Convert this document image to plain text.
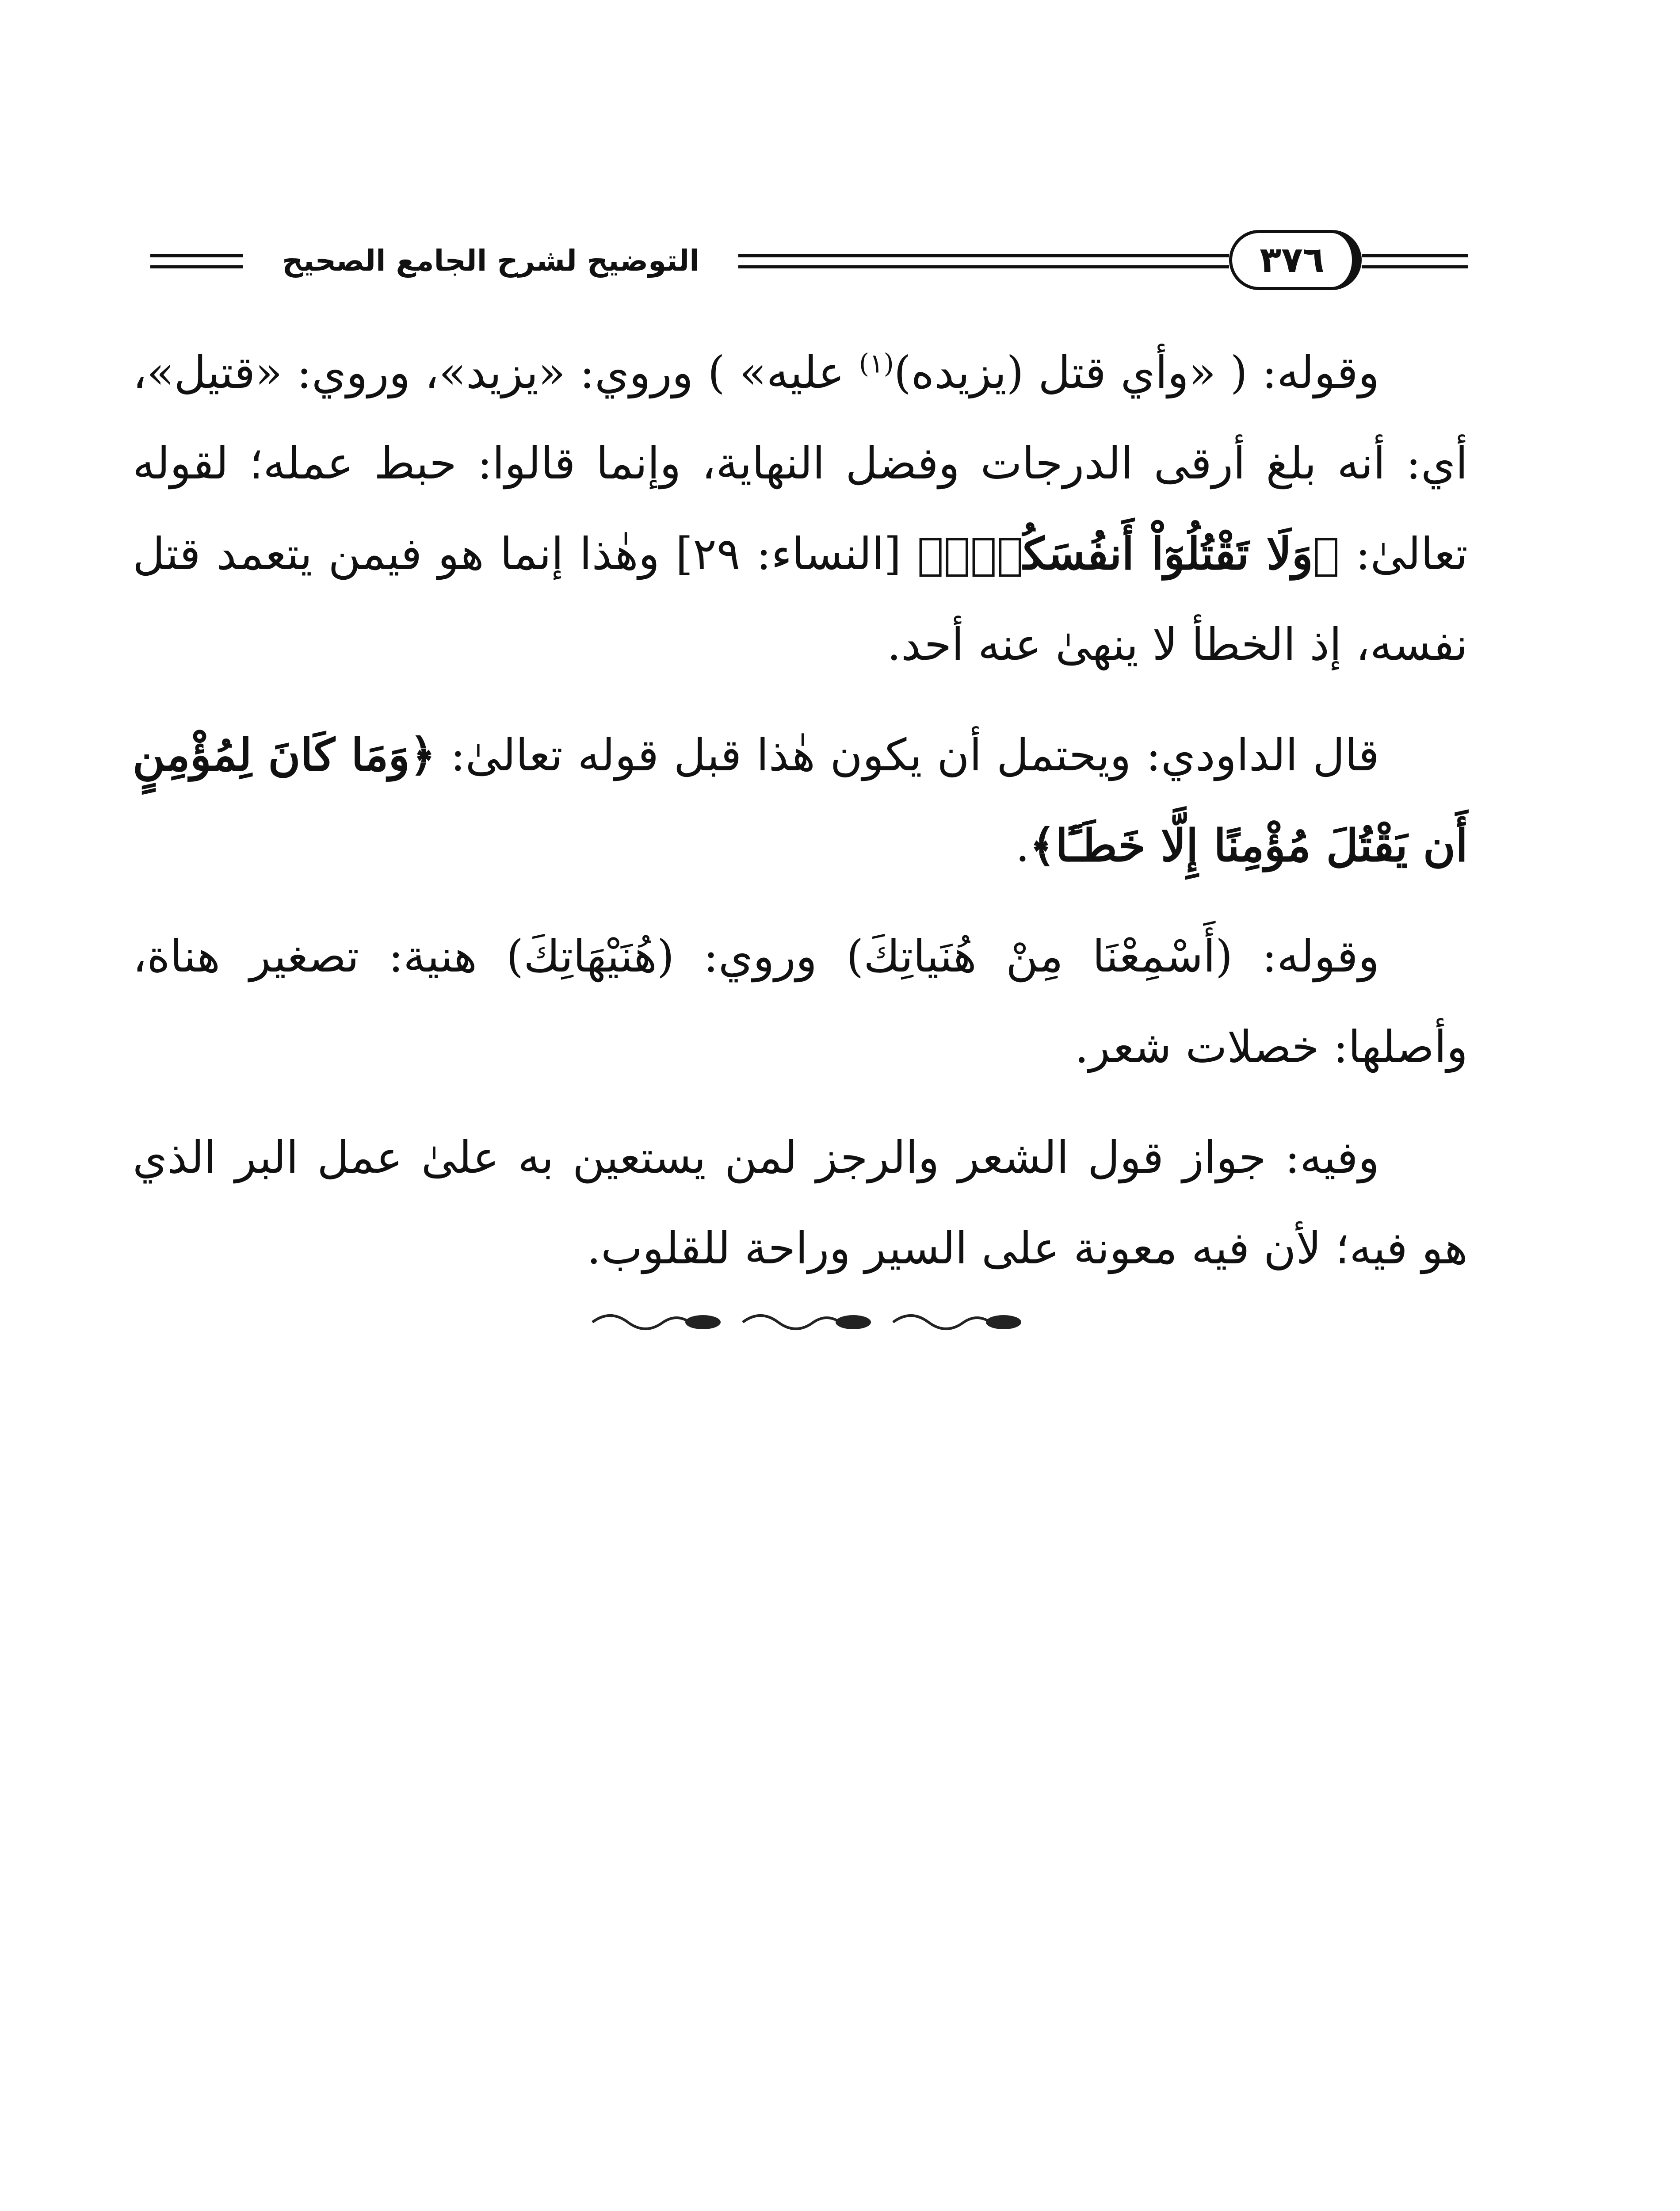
التوضيح لشرح الجامع الصحيح	٣٧٦

وقوله: ( «وأي قتل (يزيده)$^{(١)}$ عليه» ) وروي: «يزيد»، وروي: «قتيل»، أي: أنه بلغ أرقى الدرجات وفضل النهاية، وإنما قالوا: حبط عمله؛ لقوله تعالىٰ: ﴿وَلَا تَقْتُلُوٓاْ أَنفُسَكُمْۚ﴾ [النساء: ٢٩] وهٰذا إنما هو فيمن يتعمد قتل نفسه، إذ الخطأ لا ينهىٰ عنه أحد.

قال الداودي: ويحتمل أن يكون هٰذا قبل قوله تعالىٰ: ﴿وَمَا كَانَ لِمُؤْمِنٍ أَن يَقْتُلَ مُؤْمِنًا إِلَّا خَطَـًٔا﴾.

وقوله: (أَسْمِعْنَا مِنْ هُنَياتِكَ) وروي: (هُنَيْهَاتِكَ) هنية: تصغير هناة، وأصلها: خصلات شعر.

وفيه: جواز قول الشعر والرجز لمن يستعين به علىٰ عمل البر الذي هو فيه؛ لأن فيه معونة على السير وراحة للقلوب.
